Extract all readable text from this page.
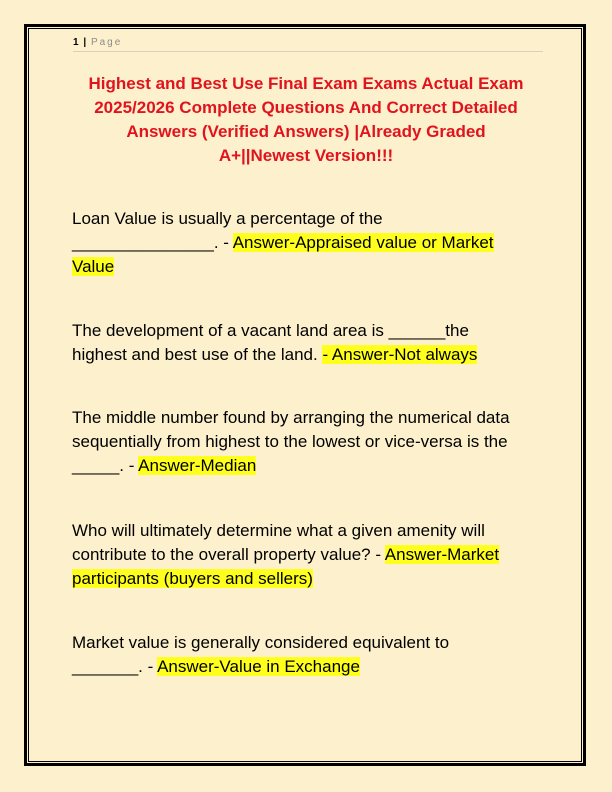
1 | Page
Highest and Best Use Final Exam Exams Actual Exam
2025/2026 Complete Questions And Correct Detailed
Answers (Verified Answers) |Already Graded
A+||Newest Version!!!
Loan Value is usually a percentage of the
_______________. - Answer-Appraised value or Market
Value
The development of a vacant land area is ______the
highest and best use of the land. - Answer-Not always
The middle number found by arranging the numerical data
sequentially from highest to the lowest or vice-versa is the
_____. - Answer-Median
Who will ultimately determine what a given amenity will
contribute to the overall property value? - Answer-Market
participants (buyers and sellers)
Market value is generally considered equivalent to
_______. - Answer-Value in Exchange
